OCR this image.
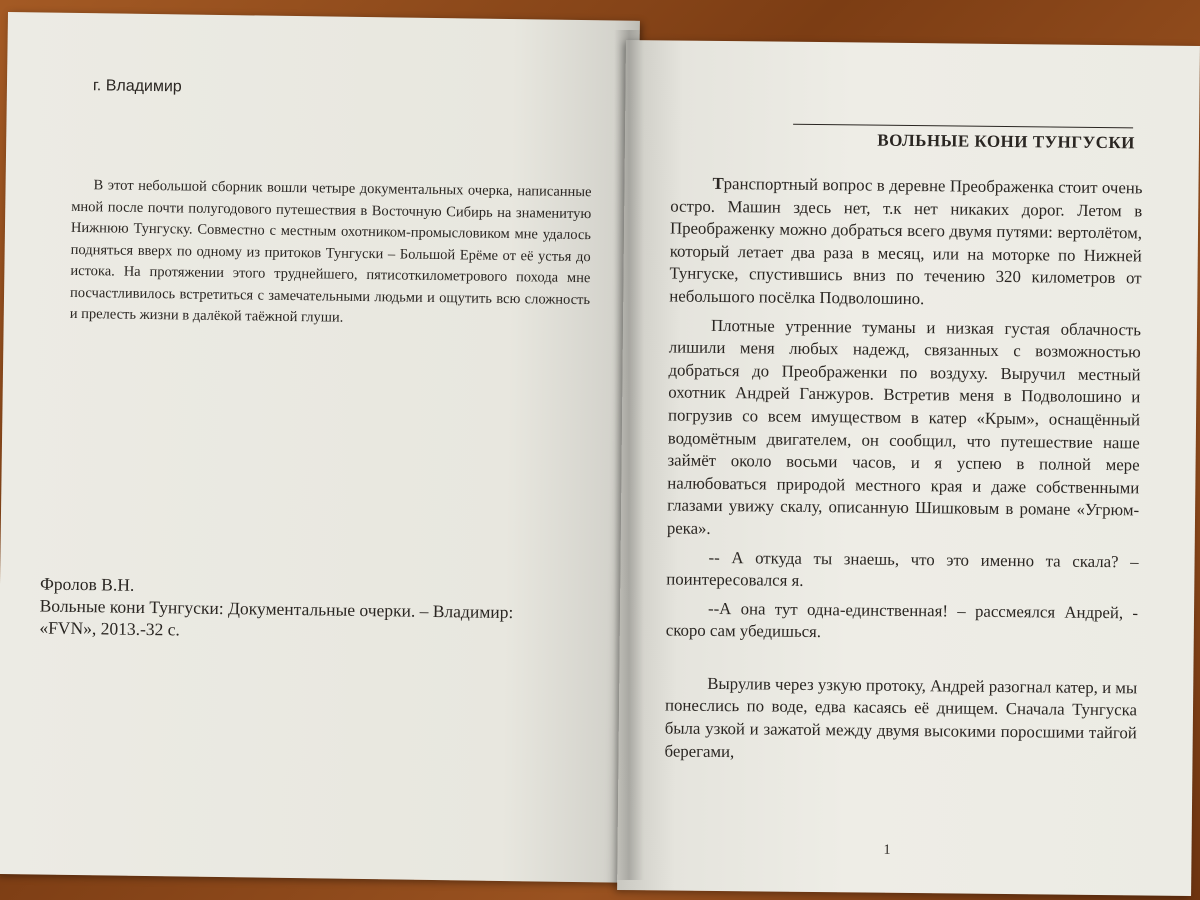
г. Владимир

В этот небольшой сборник вошли четыре документальных очерка, написанные мной после почти полугодового путешествия в Восточную Сибирь на знаменитую Нижнюю Тунгуску. Совместно с местным охотником-промысловиком мне удалось подняться вверх по одному из притоков Тунгуски – Большой Ерёме от её устья до истока. На протяжении этого труднейшего, пятисоткилометрового похода мне посчастливилось встретиться с замечательными людьми и ощутить всю сложность и прелесть жизни в далёкой таёжной глуши.

Фролов В.Н.
Вольные кони Тунгуски: Документальные очерки. – Владимир:
«FVN», 2013.-32 с.
ВОЛЬНЫЕ КОНИ ТУНГУСКИ

Транспортный вопрос в деревне Преображенка стоит очень остро. Машин здесь нет, т.к нет никаких дорог. Летом в Преображенку можно добраться всего двумя путями: вертолётом, который летает два раза в месяц, или на моторке по Нижней Тунгуске, спустившись вниз по течению 320 километров от небольшого посёлка Подволошино.

Плотные утренние туманы и низкая густая облачность лишили меня любых надежд, связанных с возможностью добраться до Преображенки по воздуху. Выручил местный охотник Андрей Ганжуров. Встретив меня в Подволошино и погрузив со всем имуществом в катер «Крым», оснащённый водомётным двигателем, он сообщил, что путешествие наше займёт около восьми часов, и я успею в полной мере налюбоваться природой местного края и даже собственными глазами увижу скалу, описанную Шишковым в романе «Угрюм-река».

-- А откуда ты знаешь, что это именно та скала? – поинтересовался я.

--А она тут одна-единственная! – рассмеялся Андрей, - скоро сам убедишься.

Вырулив через узкую протоку, Андрей разогнал катер, и мы понеслись по воде, едва касаясь её днищем. Сначала Тунгуска была узкой и зажатой между двумя высокими поросшими тайгой берегами,

1
